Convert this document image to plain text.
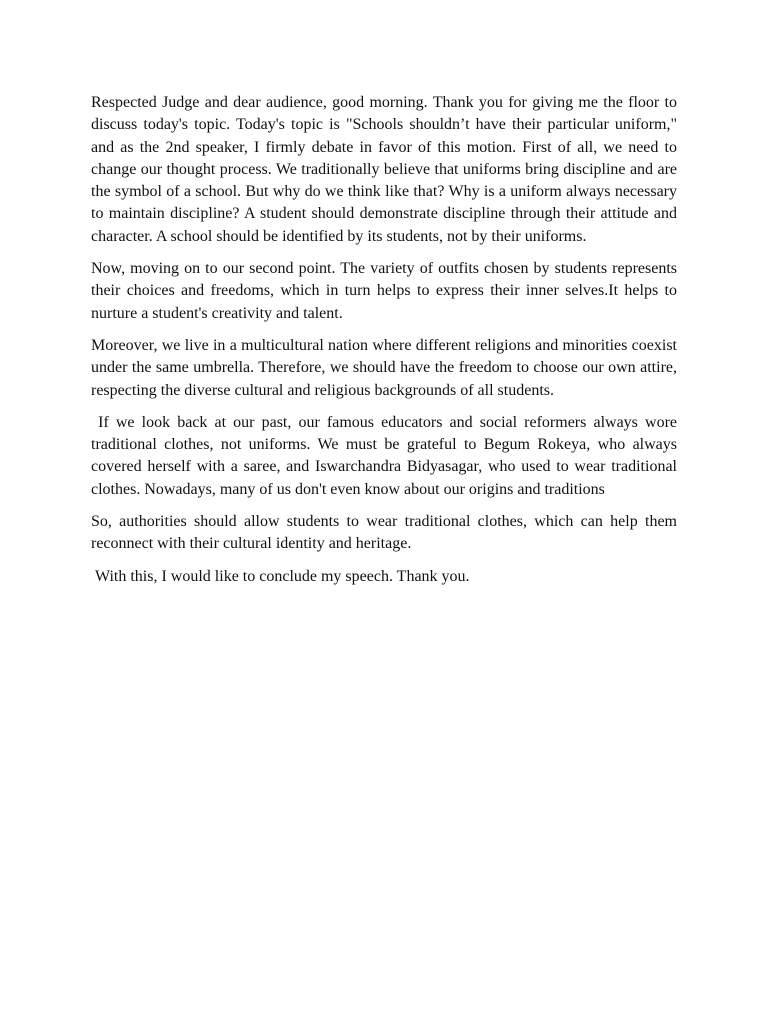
Respected Judge and dear audience, good morning. Thank you for giving me the floor to discuss today's topic. Today's topic is "Schools shouldn’t have their particular uniform," and as the 2nd speaker, I firmly debate in favor of this motion. First of all, we need to change our thought process. We traditionally believe that uniforms bring discipline and are the symbol of a school. But why do we think like that? Why is a uniform always necessary to maintain discipline? A student should demonstrate discipline through their attitude and character. A school should be identified by its students, not by their uniforms.

Now, moving on to our second point. The variety of outfits chosen by students represents their choices and freedoms, which in turn helps to express their inner selves.It helps to nurture a student's creativity and talent.

Moreover, we live in a multicultural nation where different religions and minorities coexist under the same umbrella. Therefore, we should have the freedom to choose our own attire, respecting the diverse cultural and religious backgrounds of all students.

If we look back at our past, our famous educators and social reformers always wore traditional clothes, not uniforms. We must be grateful to Begum Rokeya, who always covered herself with a saree, and Iswarchandra Bidyasagar, who used to wear traditional clothes. Nowadays, many of us don't even know about our origins and traditions

So, authorities should allow students to wear traditional clothes, which can help them reconnect with their cultural identity and heritage.

With this, I would like to conclude my speech. Thank you.
